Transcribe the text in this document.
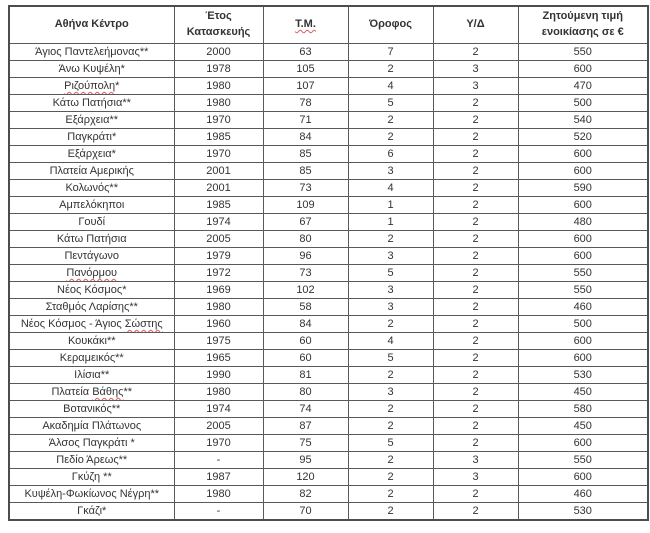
Αθήνα Κέντρο	Έτος Κατασκευής	Τ.Μ.	Όροφος	Υ/Δ	Ζητούμενη τιμή ενοικίασης σε €
Άγιος Παντελεήμονας**	2000	63	7	2	550
Άνω Κυψέλη*	1978	105	2	3	600
Ριζούπολη*	1980	107	4	3	470
Κάτω Πατήσια**	1980	78	5	2	500
Εξάρχεια**	1970	71	2	2	540
Παγκράτι*	1985	84	2	2	520
Εξάρχεια*	1970	85	6	2	600
Πλατεία Αμερικής	2001	85	3	2	600
Κολωνός**	2001	73	4	2	590
Αμπελόκηποι	1985	109	1	2	600
Γουδί	1974	67	1	2	480
Κάτω Πατήσια	2005	80	2	2	600
Πεντάγωνο	1979	96	3	2	600
Πανόρμου	1972	73	5	2	550
Νέος Κόσμος*	1969	102	3	2	550
Σταθμός Λαρίσης**	1980	58	3	2	460
Νέος Κόσμος - Άγιος Σώστης	1960	84	2	2	500
Κουκάκι**	1975	60	4	2	600
Κεραμεικός**	1965	60	5	2	600
Ιλίσια**	1990	81	2	2	530
Πλατεία Βάθης**	1980	80	3	2	450
Βοτανικός**	1974	74	2	2	580
Ακαδημία Πλάτωνος	2005	87	2	2	450
Άλσος Παγκράτι *	1970	75	5	2	600
Πεδίο Άρεως**	-	95	2	3	550
Γκύζη **	1987	120	2	3	600
Κυψέλη-Φωκίωνος Νέγρη**	1980	82	2	2	460
Γκάζι*	-	70	2	2	530
